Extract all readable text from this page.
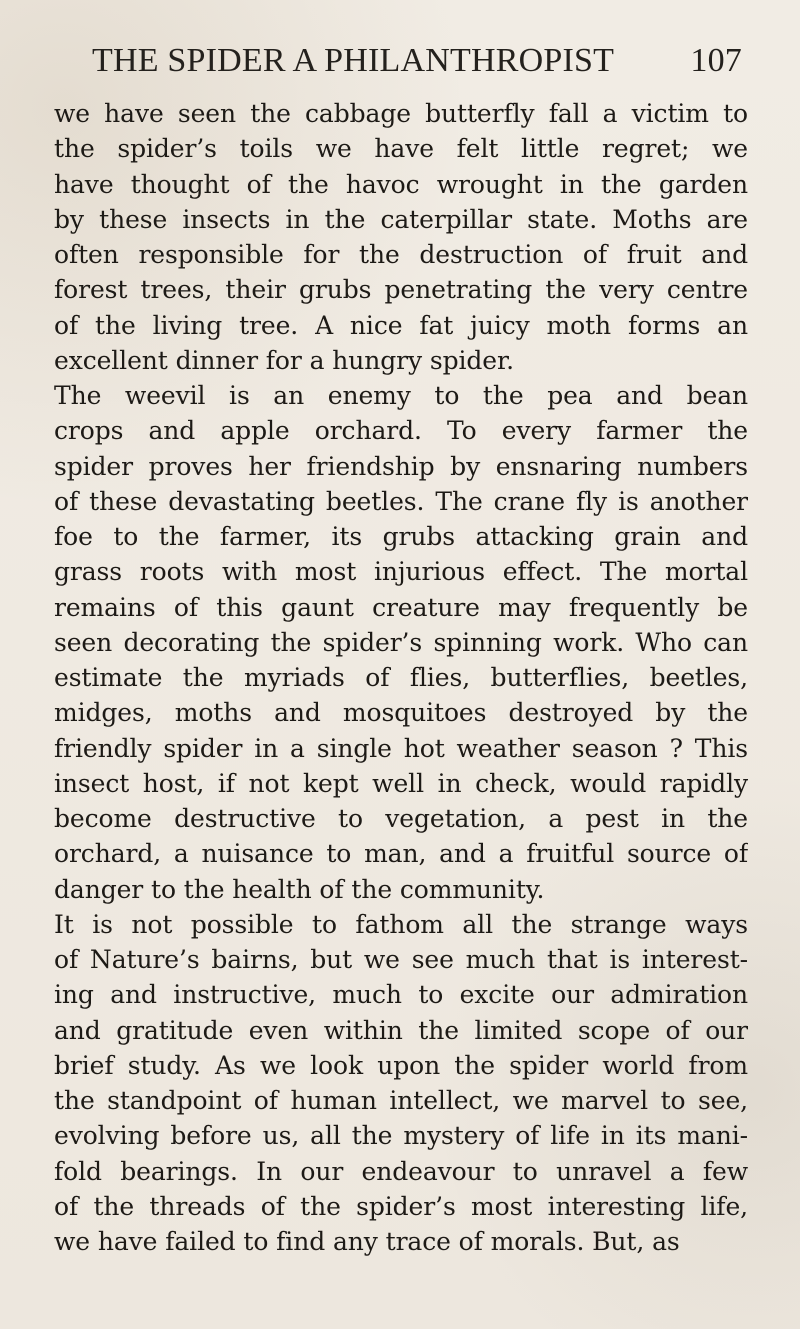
THE SPIDER A PHILANTHROPIST 107
we have seen the cabbage butterfly fall a victim to
the spider’s toils we have felt little regret; we
have thought of the havoc wrought in the garden
by these insects in the caterpillar state. Moths are
often responsible for the destruction of fruit and
forest trees, their grubs penetrating the very centre
of the living tree. A nice fat juicy moth forms an
excellent dinner for a hungry spider.
The weevil is an enemy to the pea and bean
crops and apple orchard. To every farmer the
spider proves her friendship by ensnaring numbers
of these devastating beetles. The crane fly is another
foe to the farmer, its grubs attacking grain and
grass roots with most injurious effect. The mortal
remains of this gaunt creature may frequently be
seen decorating the spider’s spinning work. Who can
estimate the myriads of flies, butterflies, beetles,
midges, moths and mosquitoes destroyed by the
friendly spider in a single hot weather season ? This
insect host, if not kept well in check, would rapidly
become destructive to vegetation, a pest in the
orchard, a nuisance to man, and a fruitful source of
danger to the health of the community.
It is not possible to fathom all the strange ways
of Nature’s bairns, but we see much that is interest-
ing and instructive, much to excite our admiration
and gratitude even within the limited scope of our
brief study. As we look upon the spider world from
the standpoint of human intellect, we marvel to see,
evolving before us, all the mystery of life in its mani-
fold bearings. In our endeavour to unravel a few
of the threads of the spider’s most interesting life,
we have failed to find any trace of morals. But, as
